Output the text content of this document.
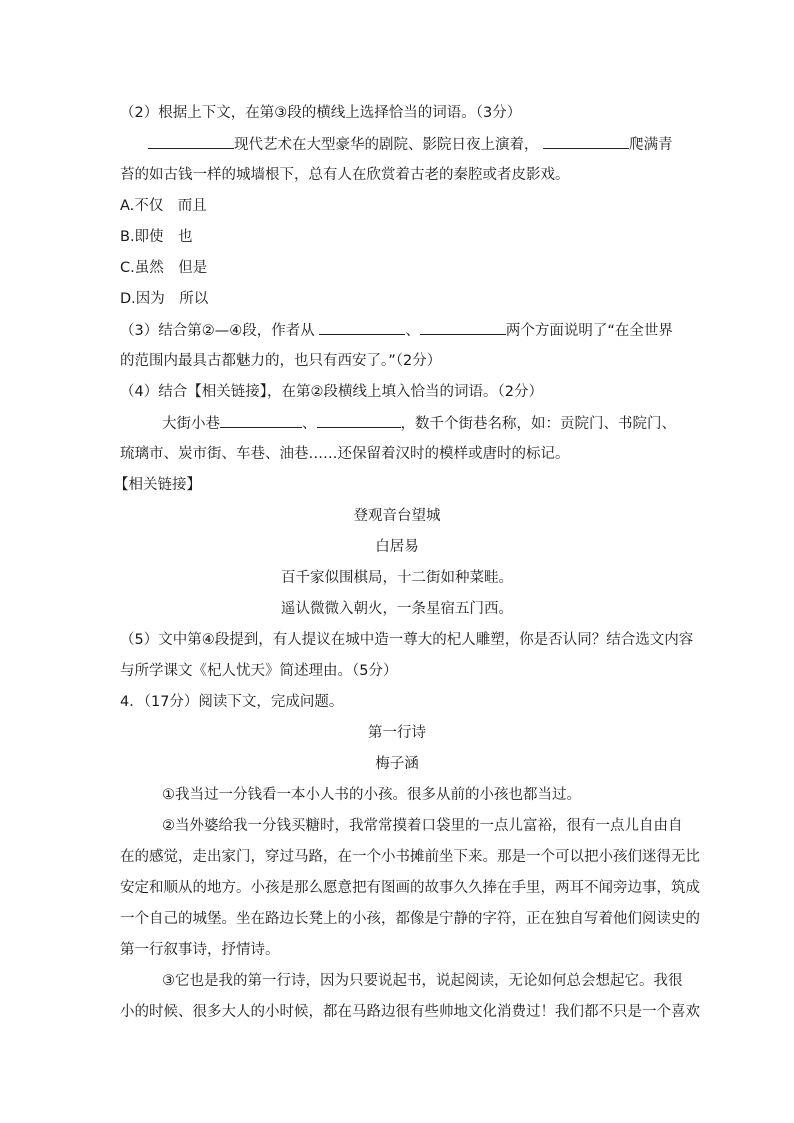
（2）根据上下文，在第③段的横线上选择恰当的词语。（3分）
现代艺术在大型豪华的剧院、影院日夜上演着，	爬满青
苔的如古钱一样的城墙根下，总有人在欣赏着古老的秦腔或者皮影戏。
A.不仅　而且
B.即使　也
C.虽然　但是
D.因为　所以
（3）结合第②—④段，作者从	、	两个方面说明了“在全世界
的范围内最具古都魅力的，也只有西安了。”（2分）
（4）结合【相关链接】，在第②段横线上填入恰当的词语。（2分）
大街小巷	、	，数千个街巷名称，如：贡院门、书院门、
琉璃市、炭市街、车巷、油巷……还保留着汉时的模样或唐时的标记。
【相关链接】
登观音台望城
白居易
百千家似围棋局，十二街如种菜畦。
遥认微微入朝火，一条星宿五门西。
（5）文中第④段提到，有人提议在城中造一尊大的杞人雕塑，你是否认同？结合选文内容
与所学课文《杞人忧天》简述理由。（5分）
4．（17分）阅读下文，完成问题。
第一行诗
梅子涵
①我当过一分钱看一本小人书的小孩。很多从前的小孩也都当过。
②当外婆给我一分钱买糖时，我常常摸着口袋里的一点儿富裕，很有一点儿自由自
在的感觉，走出家门，穿过马路，在一个小书摊前坐下来。那是一个可以把小孩们迷得无比
安定和顺从的地方。小孩是那么愿意把有图画的故事久久捧在手里，两耳不闻旁边事，筑成
一个自己的城堡。坐在路边长凳上的小孩，都像是宁静的字符，正在独自写着他们阅读史的
第一行叙事诗，抒情诗。
③它也是我的第一行诗，因为只要说起书，说起阅读，无论如何总会想起它。我很
小的时候、很多大人的小时候，都在马路边很有些帅地文化消费过！我们都不只是一个喜欢
